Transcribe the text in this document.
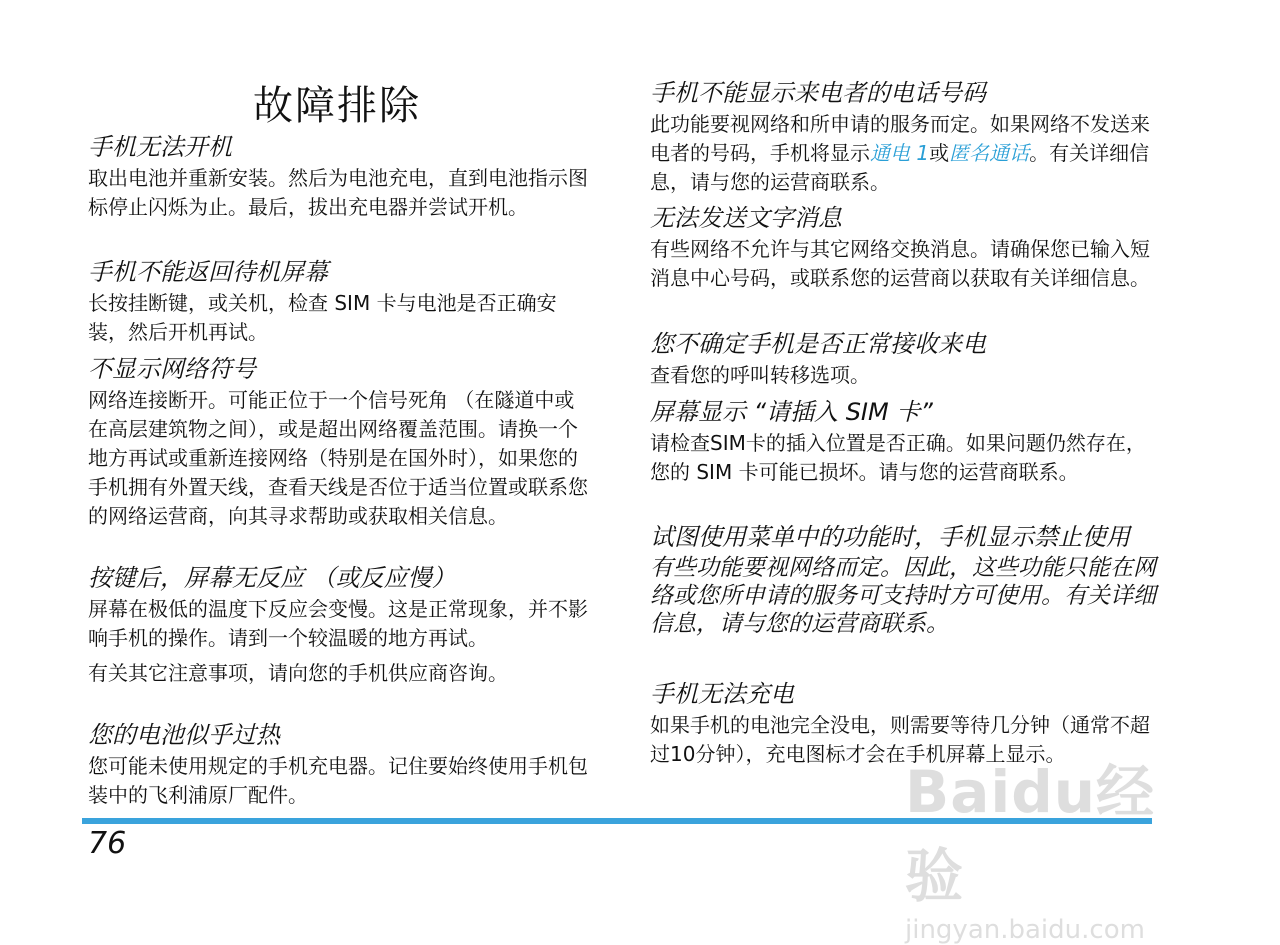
故障排除

手机无法开机

取出电池并重新安装。然后为电池充电，直到电池指示图标停止闪烁为止。最后，拔出充电器并尝试开机。

手机不能返回待机屏幕

长按挂断键，或关机，检查 SIM 卡与电池是否正确安装，然后开机再试。

不显示网络符号

网络连接断开。可能正位于一个信号死角 （在隧道中或在高层建筑物之间），或是超出网络覆盖范围。请换一个地方再试或重新连接网络（特别是在国外时），如果您的手机拥有外置天线，查看天线是否位于适当位置或联系您的网络运营商，向其寻求帮助或获取相关信息。

按键后，屏幕无反应 （或反应慢）

屏幕在极低的温度下反应会变慢。这是正常现象，并不影响手机的操作。请到一个较温暖的地方再试。

有关其它注意事项，请向您的手机供应商咨询。

您的电池似乎过热

您可能未使用规定的手机充电器。记住要始终使用手机包装中的飞利浦原厂配件。

手机不能显示来电者的电话号码

此功能要视网络和所申请的服务而定。如果网络不发送来电者的号码，手机将显示通电 1或匿名通话。有关详细信息，请与您的运营商联系。

无法发送文字消息

有些网络不允许与其它网络交换消息。请确保您已输入短消息中心号码，或联系您的运营商以获取有关详细信息。

您不确定手机是否正常接收来电

查看您的呼叫转移选项。

屏幕显示 “请插入 SIM 卡”

请检查SIM卡的插入位置是否正确。如果问题仍然存在，您的 SIM 卡可能已损坏。请与您的运营商联系。

试图使用菜单中的功能时，手机显示禁止使用

有些功能要视网络而定。因此，这些功能只能在网络或您所申请的服务可支持时方可使用。有关详细信息，请与您的运营商联系。

手机无法充电

如果手机的电池完全没电，则需要等待几分钟（通常不超过10分钟），充电图标才会在手机屏幕上显示。

76
Baidu经验
jingyan.baidu.com
